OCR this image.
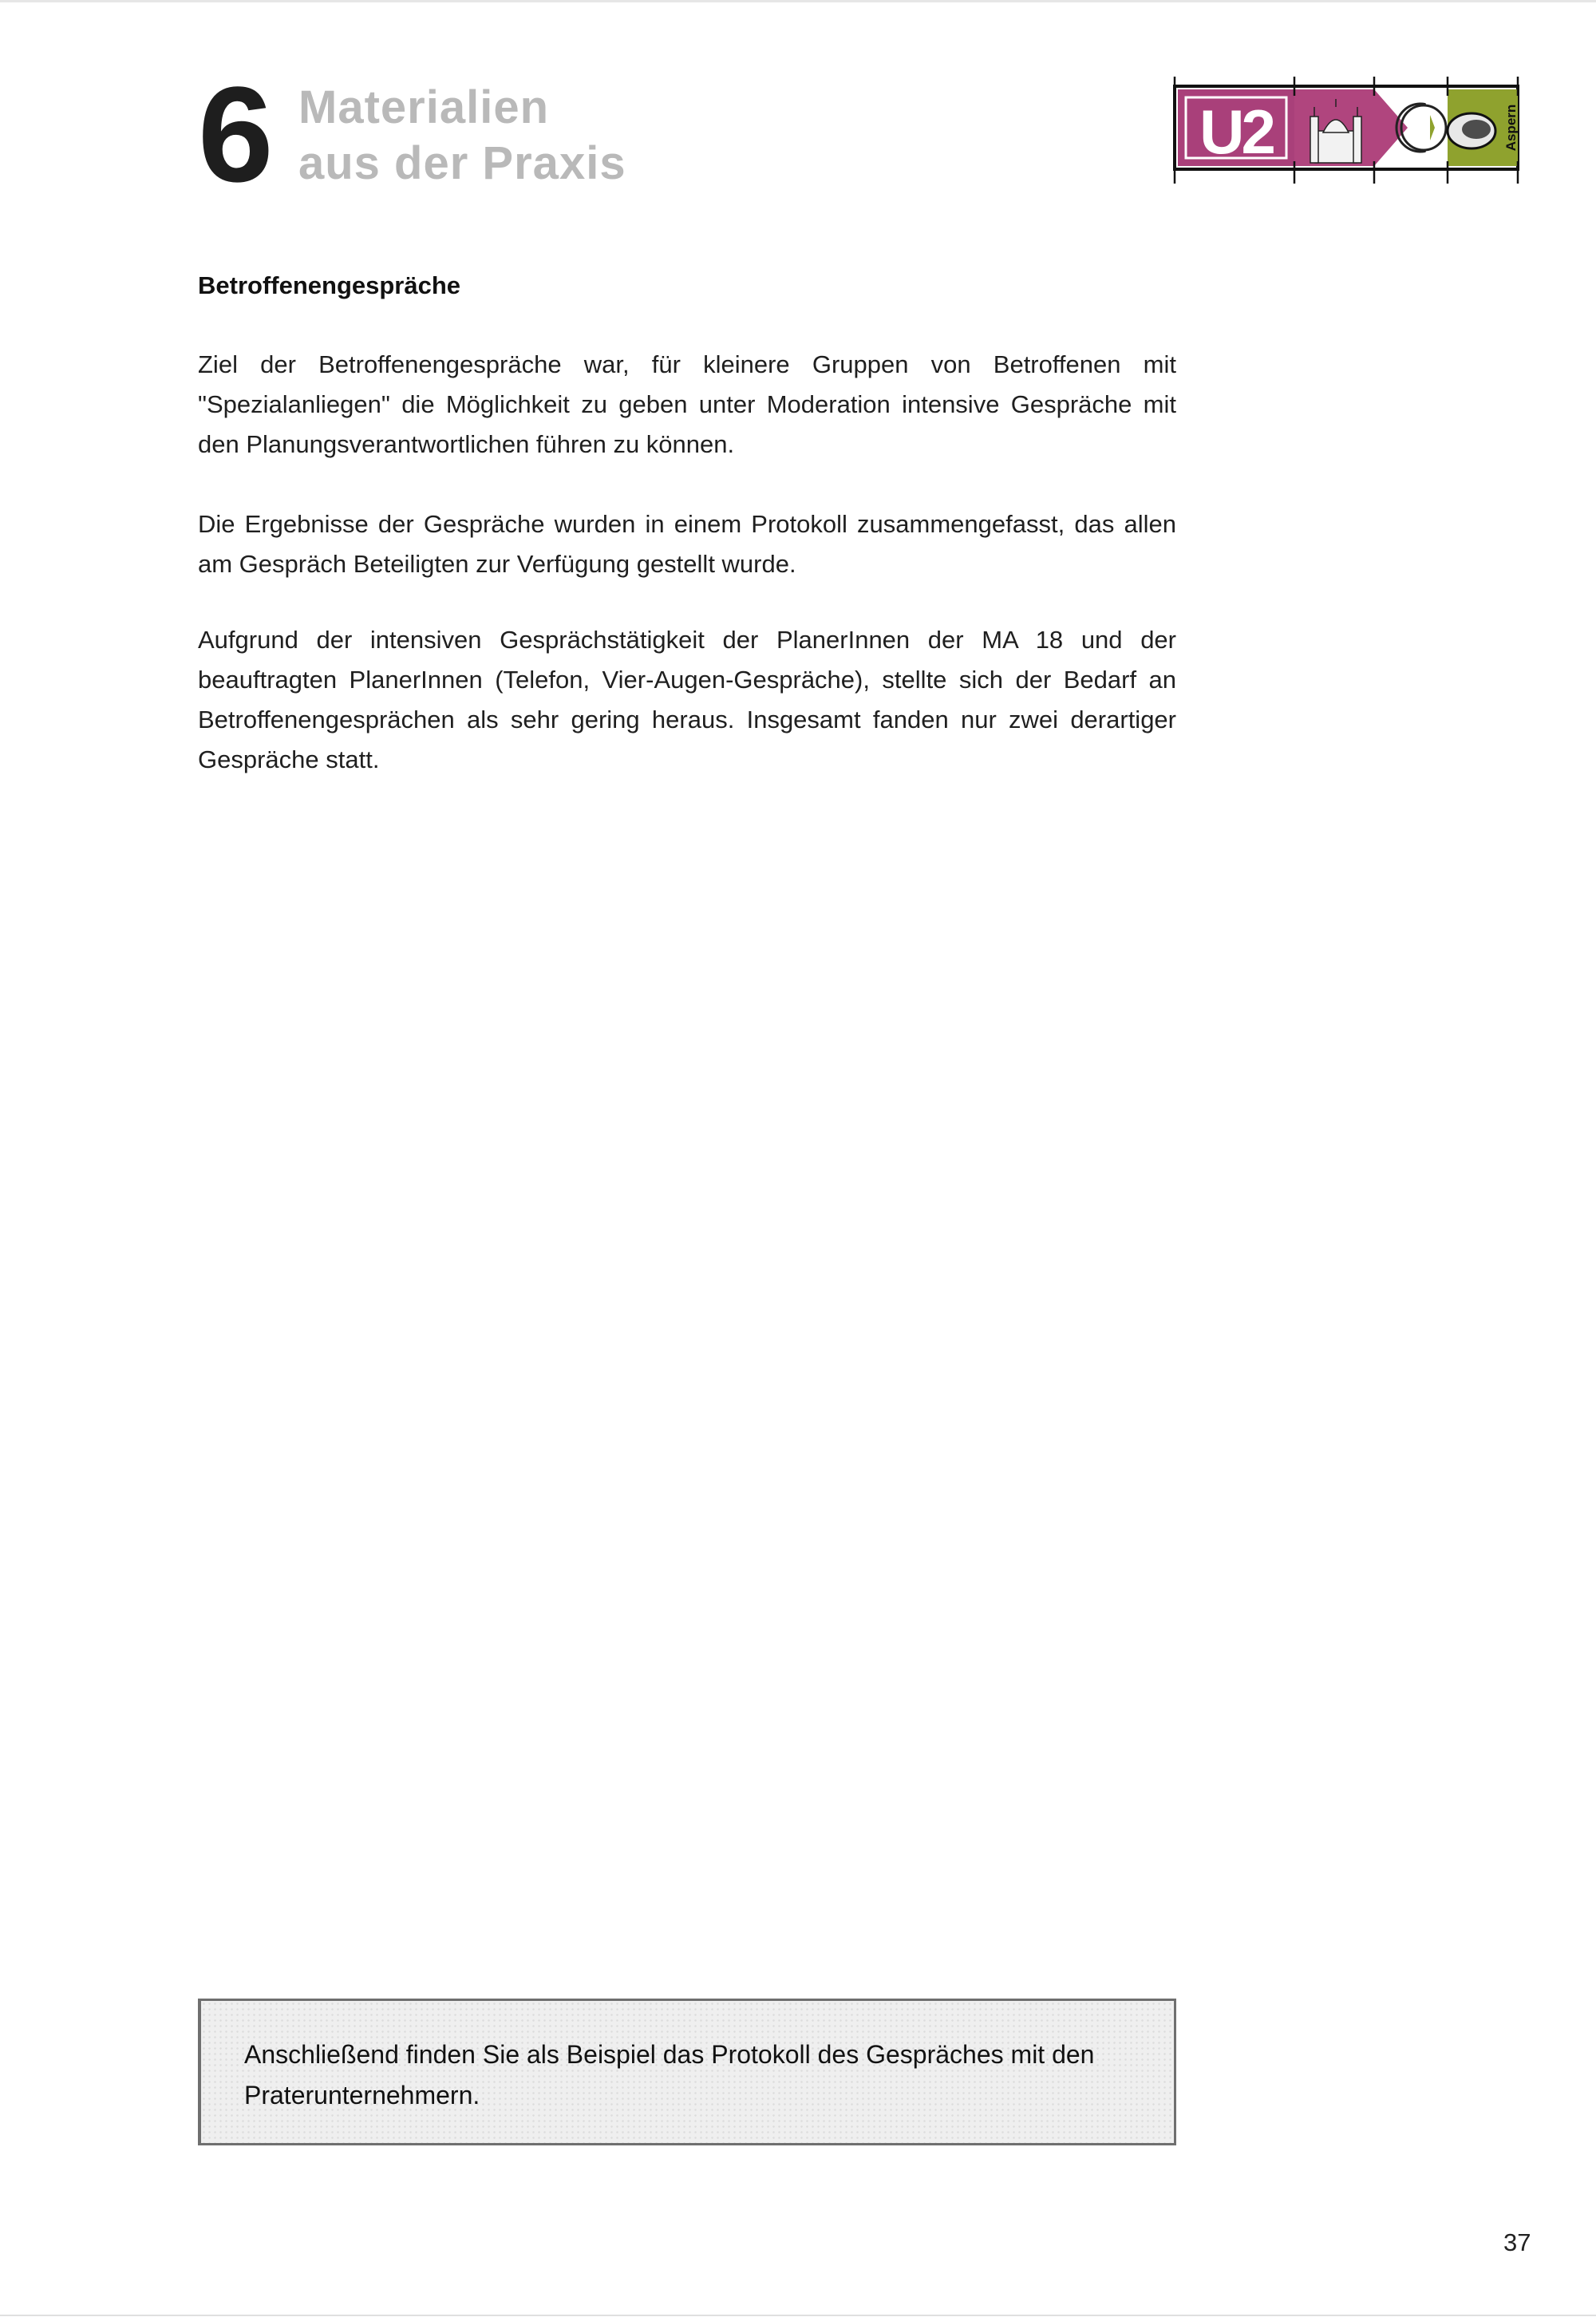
6 Materialien
aus der Praxis	U2	Aspern
Betroffenengespräche

Ziel der Betroffenengespräche war, für kleinere Gruppen von Betroffenen mit "Spezialanliegen" die Möglichkeit zu geben unter Moderation intensive Gespräche mit den Planungsverantwortlichen führen zu können.

Die Ergebnisse der Gespräche wurden in einem Protokoll zusammengefasst, das allen am Gespräch Beteiligten zur Verfügung gestellt wurde.

Aufgrund der intensiven Gesprächstätigkeit der PlanerInnen der MA 18 und der beauftragten PlanerInnen (Telefon, Vier-Augen-Gespräche), stellte sich der Bedarf an Betroffenengesprächen als sehr gering heraus. Insgesamt fanden nur zwei derartiger Gespräche statt.

Anschließend finden Sie als Beispiel das Protokoll des Gespräches mit den Praterunternehmern.

37
